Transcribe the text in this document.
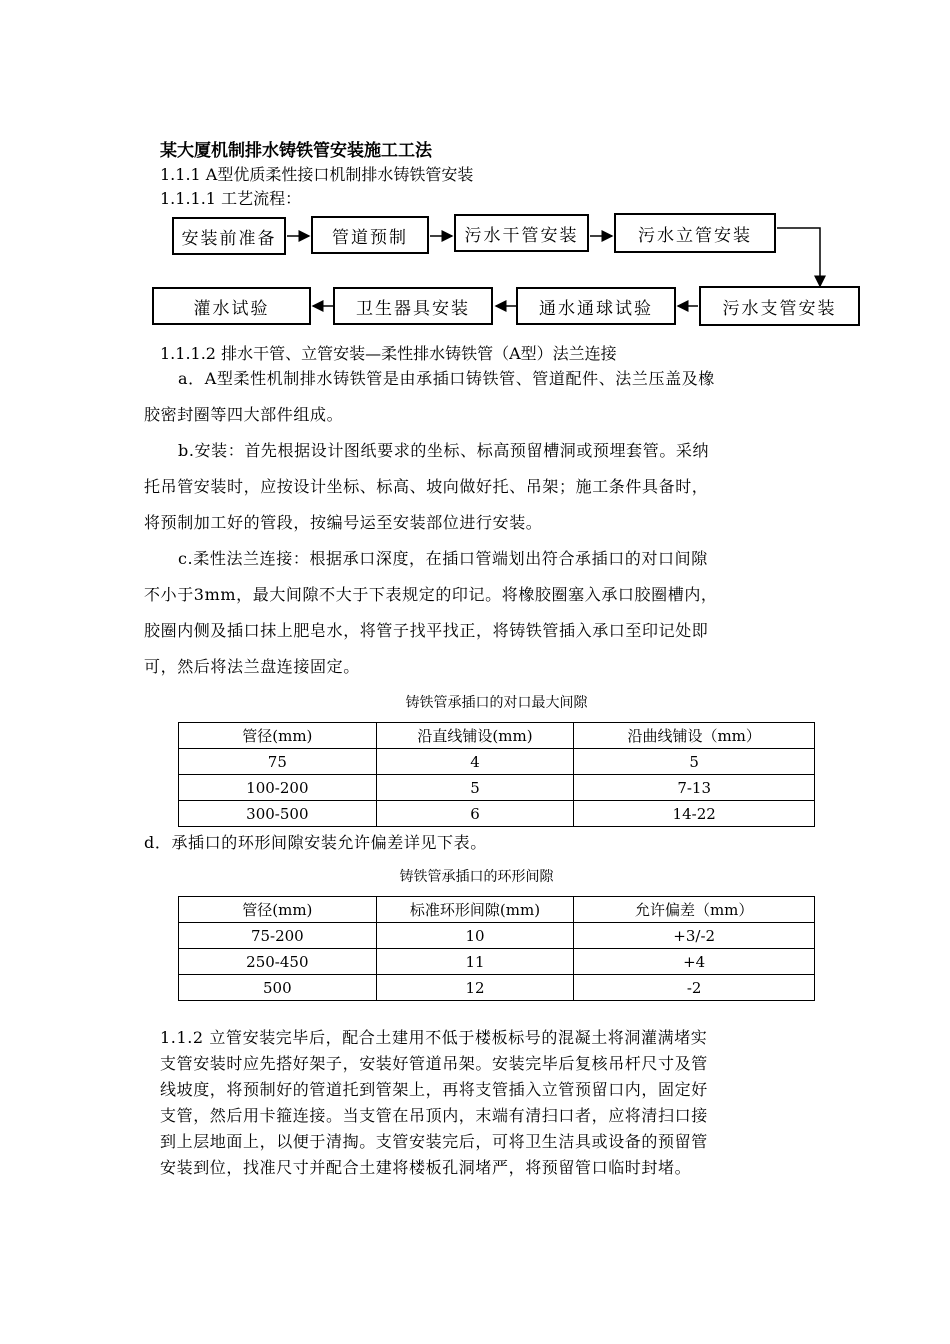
某大厦机制排水铸铁管安装施工工法
1.1.1 A型优质柔性接口机制排水铸铁管安装
1.1.1.1 工艺流程：
安装前准备	管道预制	污水干管安装	污水立管安装
灌水试验	卫生器具安装	通水通球试验	污水支管安装
1.1.1.2 排水干管、立管安装—柔性排水铸铁管（A型）法兰连接
a．A型柔性机制排水铸铁管是由承插口铸铁管、管道配件、法兰压盖及橡
胶密封圈等四大部件组成。
b.安装：首先根据设计图纸要求的坐标、标高预留槽洞或预埋套管。采纳
托吊管安装时，应按设计坐标、标高、坡向做好托、吊架；施工条件具备时，
将预制加工好的管段，按编号运至安装部位进行安装。
c.柔性法兰连接：根据承口深度，在插口管端划出符合承插口的对口间隙
不小于3mm，最大间隙不大于下表规定的印记。将橡胶圈塞入承口胶圈槽内，
胶圈内侧及插口抹上肥皂水，将管子找平找正，将铸铁管插入承口至印记处即
可，然后将法兰盘连接固定。
铸铁管承插口的对口最大间隙
管径(mm)	沿直线铺设(mm)	沿曲线铺设（mm）
75	4	5
100-200	5	7-13
300-500	6	14-22
d．承插口的环形间隙安装允许偏差详见下表。
铸铁管承插口的环形间隙
管径(mm)	标准环形间隙(mm)	允许偏差（mm）
75-200	10	+3/-2
250-450	11	+4
500	12	-2
1.1.2 立管安装完毕后，配合土建用不低于楼板标号的混凝土将洞灌满堵实
支管安装时应先搭好架子，安装好管道吊架。安装完毕后复核吊杆尺寸及管
线坡度，将预制好的管道托到管架上，再将支管插入立管预留口内，固定好
支管，然后用卡箍连接。当支管在吊顶内，末端有清扫口者，应将清扫口接
到上层地面上，以便于清掏。支管安装完后，可将卫生洁具或设备的预留管
安装到位，找准尺寸并配合土建将楼板孔洞堵严，将预留管口临时封堵。
